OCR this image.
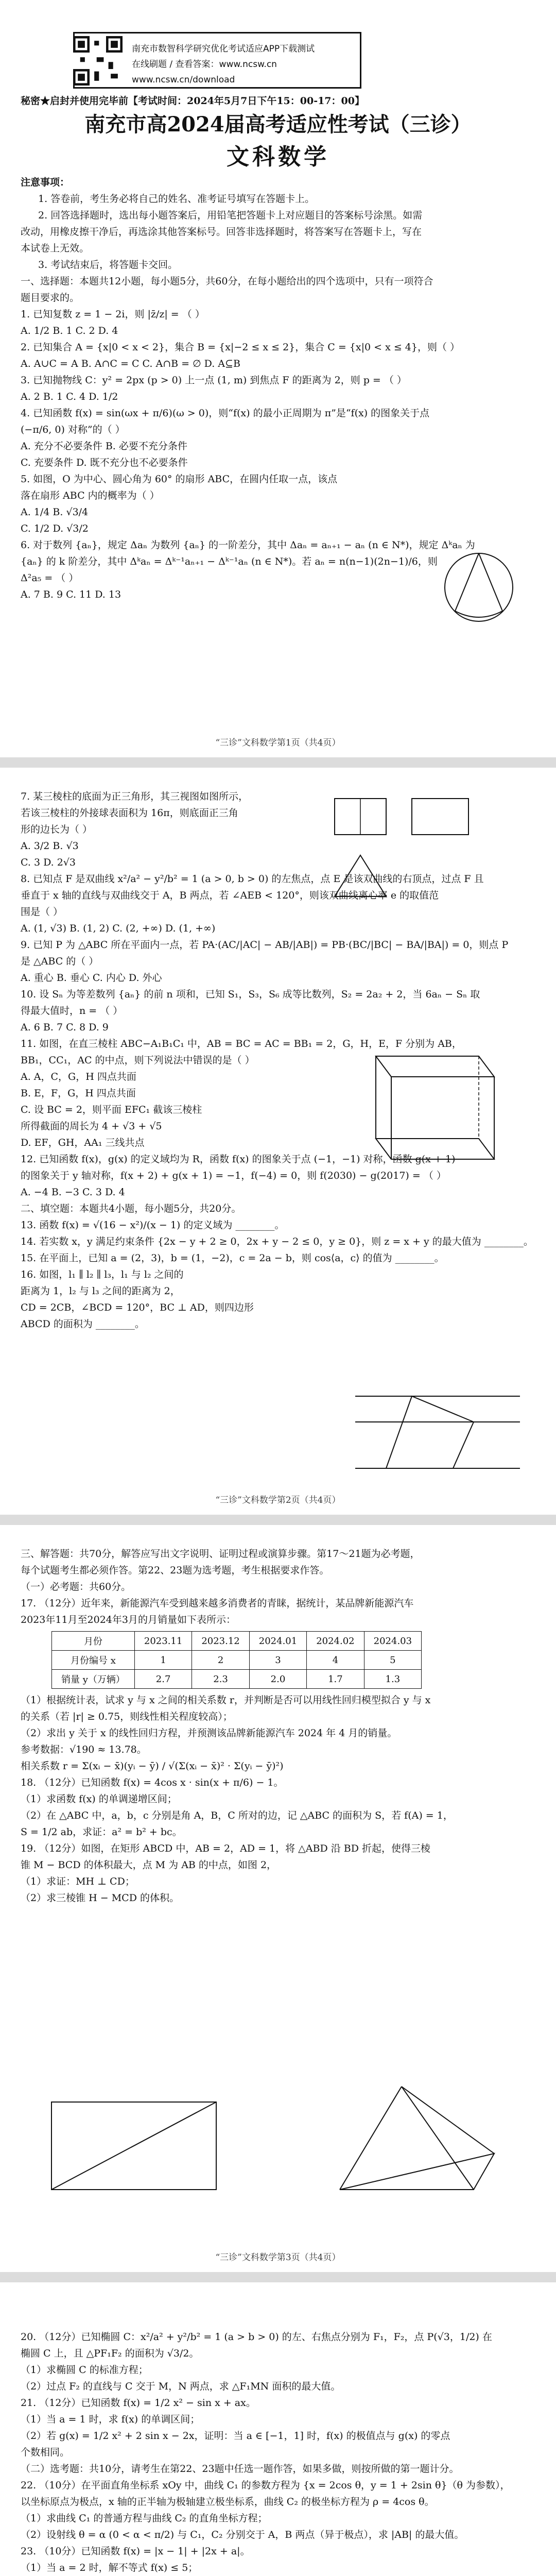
南充市数智科学研究优化考试适应APP下载测试
在线刷题 / 查看答案：www.ncsw.cn
www.ncsw.cn/download
秘密★启封并使用完毕前【考试时间：2024年5月7日下午15：00-17：00】
南充市高2024届高考适应性考试（三诊）
文科数学
注意事项：
1. 答卷前，考生务必将自己的姓名、准考证号填写在答题卡上。
2. 回答选择题时，选出每小题答案后，用铅笔把答题卡上对应题目的答案标号涂黑。如需
改动，用橡皮擦干净后，再选涂其他答案标号。回答非选择题时，将答案写在答题卡上，写在
本试卷上无效。
3. 考试结束后，将答题卡交回。
一、选择题：本题共12小题，每小题5分，共60分，在每小题给出的四个选项中，只有一项符合
题目要求的。
1. 已知复数 z = 1 − 2i，则 |z̄/z| = （ ）
A. 1/2 B. 1 C. 2 D. 4
2. 已知集合 A = {x|0 < x < 2}，集合 B = {x|−2 ≤ x ≤ 2}，集合 C = {x|0 < x ≤ 4}，则（ ）
A. A∪C = A B. A∩C = C C. A∩B = ∅ D. A⊆B
3. 已知抛物线 C：y² = 2px (p > 0) 上一点 (1, m) 到焦点 F 的距离为 2，则 p = （ ）
A. 2 B. 1 C. 4 D. 1/2
4. 已知函数 f(x) = sin(ωx + π/6)(ω > 0)，则“f(x) 的最小正周期为 π”是“f(x) 的图象关于点
(−π/6, 0) 对称”的（ ）
A. 充分不必要条件 B. 必要不充分条件
C. 充要条件 D. 既不充分也不必要条件
5. 如图，O 为中心、圆心角为 60° 的扇形 ABC，在圆内任取一点，该点
落在扇形 ABC 内的概率为（ ）
A. 1/4 B. √3/4
C. 1/2 D. √3/2
6. 对于数列 {aₙ}，规定 Δaₙ 为数列 {aₙ} 的一阶差分，其中 Δaₙ = aₙ₊₁ − aₙ (n ∈ N*)，规定 Δᵏaₙ 为
{aₙ} 的 k 阶差分，其中 Δᵏaₙ = Δᵏ⁻¹aₙ₊₁ − Δᵏ⁻¹aₙ (n ∈ N*)。若 aₙ = n(n−1)(2n−1)/6，则
Δ²a₅ = （ ）
A. 7 B. 9 C. 11 D. 13
“三诊”文科数学第1页（共4页）
7. 某三棱柱的底面为正三角形，其三视图如图所示，
若该三棱柱的外接球表面积为 16π，则底面正三角
形的边长为（ ）
A. 3/2 B. √3
C. 3 D. 2√3
8. 已知点 F 是双曲线 x²/a² − y²/b² = 1 (a > 0, b > 0) 的左焦点，点 E 是该双曲线的右顶点，过点 F 且
垂直于 x 轴的直线与双曲线交于 A，B 两点，若 ∠AEB < 120°，则该双曲线离心率 e 的取值范
围是（ ）
A. (1, √3) B. (1, 2) C. (2, +∞) D. (1, +∞)
9. 已知 P 为 △ABC 所在平面内一点，若 PA·(AC/|AC| − AB/|AB|) = PB·(BC/|BC| − BA/|BA|) = 0，则点 P
是 △ABC 的（ ）
A. 重心 B. 垂心 C. 内心 D. 外心
10. 设 Sₙ 为等差数列 {aₙ} 的前 n 项和，已知 S₁，S₃，S₆ 成等比数列，S₂ = 2a₂ + 2，当 6aₙ − Sₙ 取
得最大值时，n = （ ）
A. 6 B. 7 C. 8 D. 9
11. 如图，在直三棱柱 ABC−A₁B₁C₁ 中，AB = BC = AC = BB₁ = 2，G，H，E，F 分别为 AB，
BB₁，CC₁，AC 的中点，则下列说法中错误的是（ ）
A. A，C，G，H 四点共面
B. E，F，G，H 四点共面
C. 设 BC = 2，则平面 EFC₁ 截该三棱柱
所得截面的周长为 4 + √3 + √5
D. EF，GH，AA₁ 三线共点
12. 已知函数 f(x)，g(x) 的定义域均为 R，函数 f(x) 的图象关于点 (−1，−1) 对称，函数 g(x + 1)
的图象关于 y 轴对称，f(x + 2) + g(x + 1) = −1，f(−4) = 0，则 f(2030) − g(2017) = （ ）
A. −4 B. −3 C. 3 D. 4
二、填空题：本题共4小题，每小题5分，共20分。
13. 函数 f(x) = √(16 − x²)/(x − 1) 的定义域为 ________。
14. 若实数 x，y 满足约束条件 {2x − y + 2 ≥ 0，2x + y − 2 ≤ 0，y ≥ 0}，则 z = x + y 的最大值为 ________。
15. 在平面上，已知 a = (2，3)，b = (1，−2)，c = 2a − b，则 cos⟨a，c⟩ 的值为 ________。
16. 如图，l₁ ∥ l₂ ∥ l₃，l₁ 与 l₂ 之间的
距离为 1，l₂ 与 l₃ 之间的距离为 2，
CD = 2CB，∠BCD = 120°，BC ⊥ AD，则四边形
ABCD 的面积为 ________。
“三诊”文科数学第2页（共4页）
三、解答题：共70分，解答应写出文字说明、证明过程或演算步骤。第17～21题为必考题，
每个试题考生都必须作答。第22、23题为选考题，考生根据要求作答。
（一）必考题：共60分。
17. （12分）近年来，新能源汽车受到越来越多消费者的青睐，据统计，某品牌新能源汽车
2023年11月至2024年3月的月销量如下表所示：
月份	2023.11	2023.12	2024.01	2024.02	2024.03
月份编号 x	1	2	3	4	5
销量 y（万辆）	2.7	2.3	2.0	1.7	1.3
（1）根据统计表，试求 y 与 x 之间的相关系数 r，并判断是否可以用线性回归模型拟合 y 与 x
的关系（若 |r| ≥ 0.75，则线性相关程度较高）；
（2）求出 y 关于 x 的线性回归方程，并预测该品牌新能源汽车 2024 年 4 月的销量。
参考数据：√190 ≈ 13.78。
相关系数 r = Σ(xᵢ − x̄)(yᵢ − ȳ) / √(Σ(xᵢ − x̄)² · Σ(yᵢ − ȳ)²)
18. （12分）已知函数 f(x) = 4cos x · sin(x + π/6) − 1。
（1）求函数 f(x) 的单调递增区间；
（2）在 △ABC 中，a，b，c 分别是角 A，B，C 所对的边，记 △ABC 的面积为 S，若 f(A) = 1，
S = 1/2 ab，求证：a² = b² + bc。
19. （12分）如图，在矩形 ABCD 中，AB = 2，AD = 1，将 △ABD 沿 BD 折起，使得三棱
锥 M − BCD 的体积最大，点 M 为 AB 的中点，如图 2，
（1）求证：MH ⊥ CD；
（2）求三棱锥 H − MCD 的体积。
“三诊”文科数学第3页（共4页）
20. （12分）已知椭圆 C：x²/a² + y²/b² = 1 (a > b > 0) 的左、右焦点分别为 F₁，F₂，点 P(√3，1/2) 在
椭圆 C 上，且 △PF₁F₂ 的面积为 √3/2。
（1）求椭圆 C 的标准方程；
（2）过点 F₂ 的直线与 C 交于 M，N 两点，求 △F₁MN 面积的最大值。
21. （12分）已知函数 f(x) = 1/2 x² − sin x + ax。
（1）当 a = 1 时，求 f(x) 的单调区间；
（2）若 g(x) = 1/2 x² + 2 sin x − 2x，证明：当 a ∈ [−1，1] 时，f(x) 的极值点与 g(x) 的零点
个数相同。
（二）选考题：共10分，请考生在第22、23题中任选一题作答，如果多做，则按所做的第一题计分。
22. （10分）在平面直角坐标系 xOy 中，曲线 C₁ 的参数方程为 {x = 2cos θ，y = 1 + 2sin θ}（θ 为参数），
以坐标原点为极点，x 轴的正半轴为极轴建立极坐标系，曲线 C₂ 的极坐标方程为 ρ = 4cos θ。
（1）求曲线 C₁ 的普通方程与曲线 C₂ 的直角坐标方程；
（2）设射线 θ = α (0 < α < π/2) 与 C₁，C₂ 分别交于 A，B 两点（异于极点），求 |AB| 的最大值。
23. （10分）已知函数 f(x) = |x − 1| + |2x + a|。
（1）当 a = 2 时，解不等式 f(x) ≤ 5；
